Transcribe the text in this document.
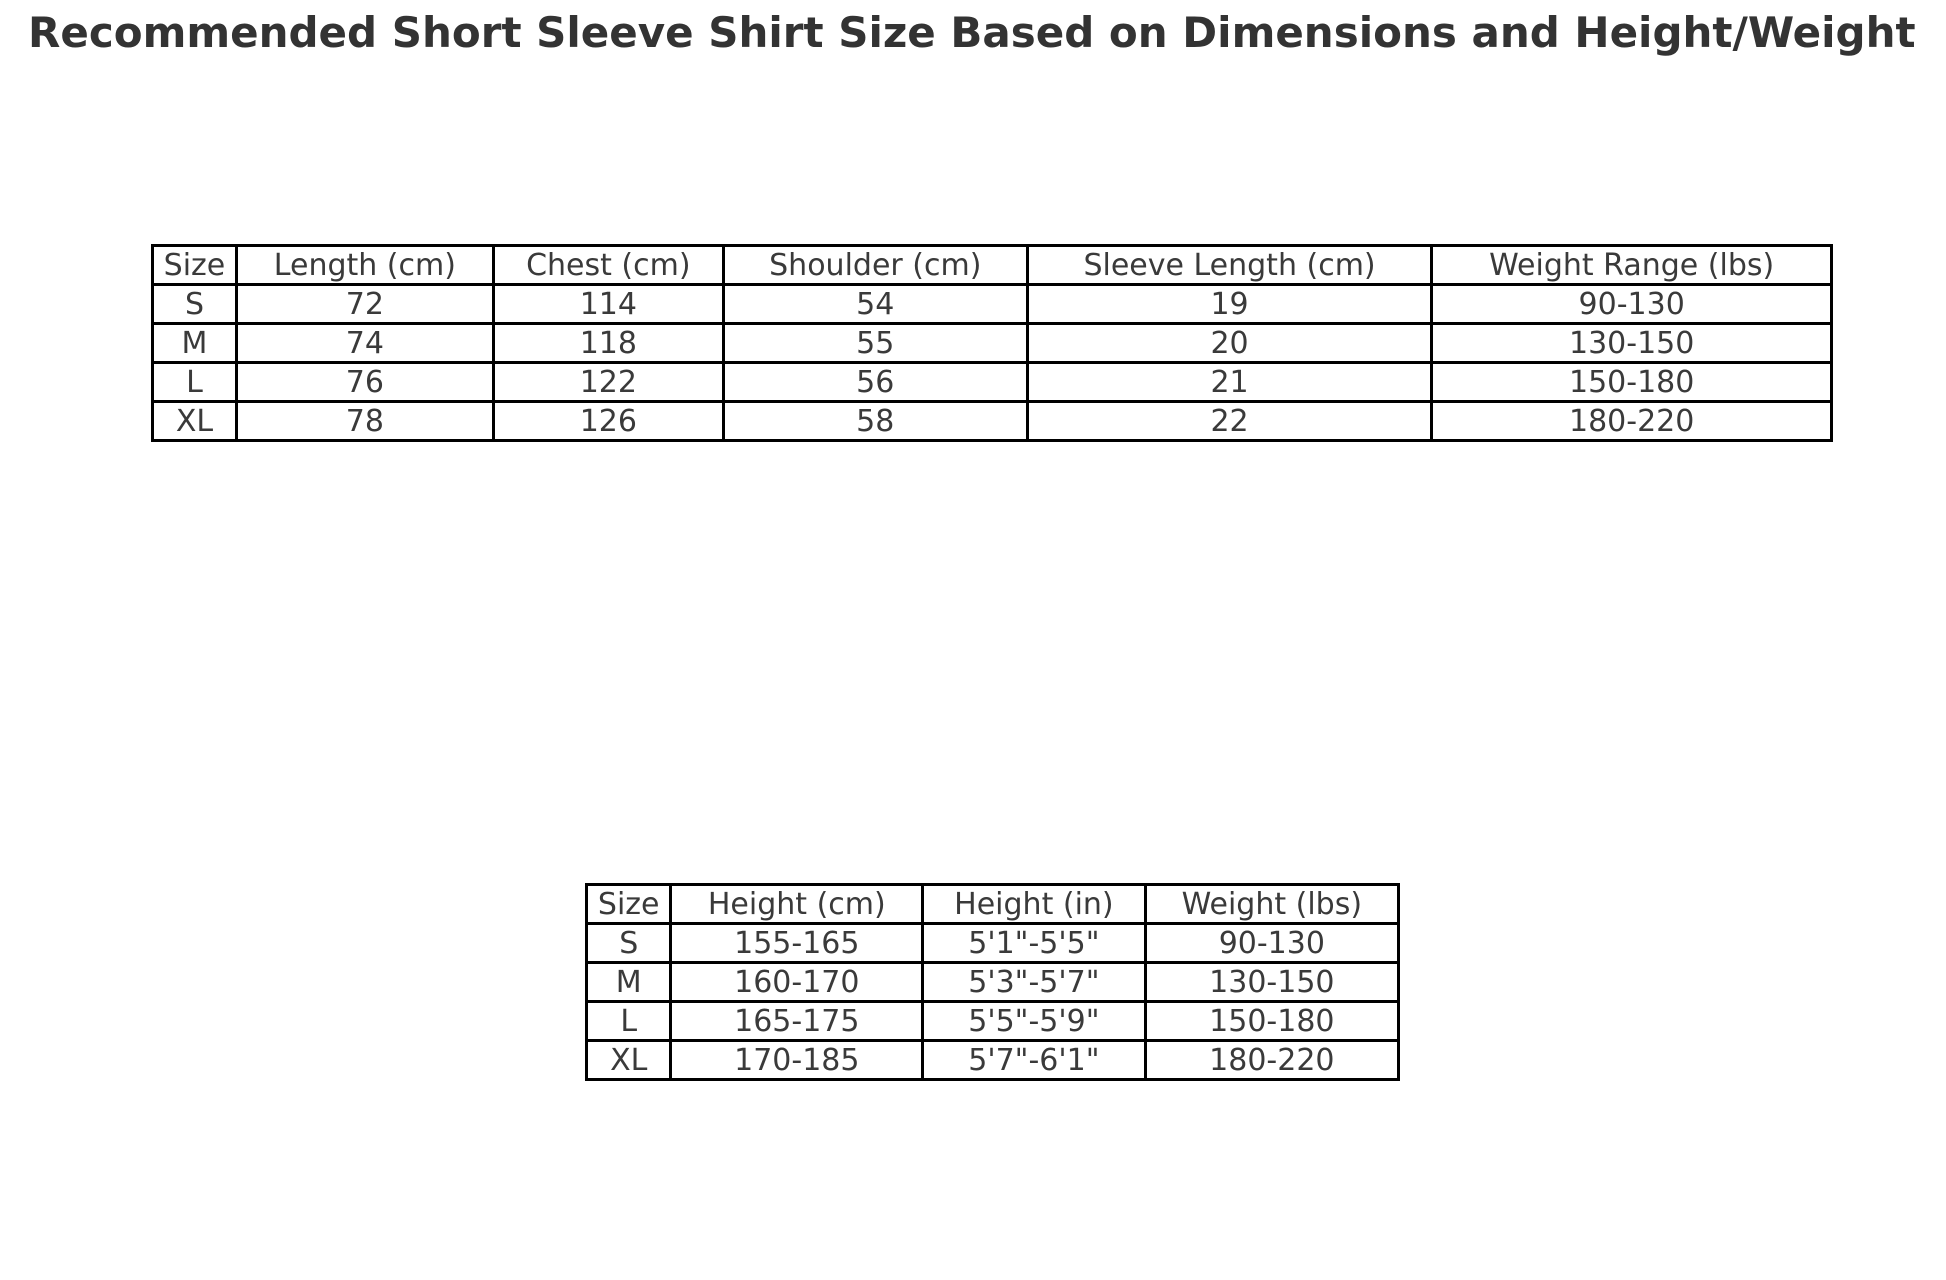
Recommended Short Sleeve Shirt Size Based on Dimensions and Height/Weight
Size	Length (cm)	Chest (cm)	Shoulder (cm)	Sleeve Length (cm)	Weight Range (lbs)
S	72	114	54	19	90-130
M	74	118	55	20	130-150
L	76	122	56	21	150-180
XL	78	126	58	22	180-220
Size	Height (cm)	Height (in)	Weight (lbs)
S	155-165	5'1"-5'5"	90-130
M	160-170	5'3"-5'7"	130-150
L	165-175	5'5"-5'9"	150-180
XL	170-185	5'7"-6'1"	180-220
